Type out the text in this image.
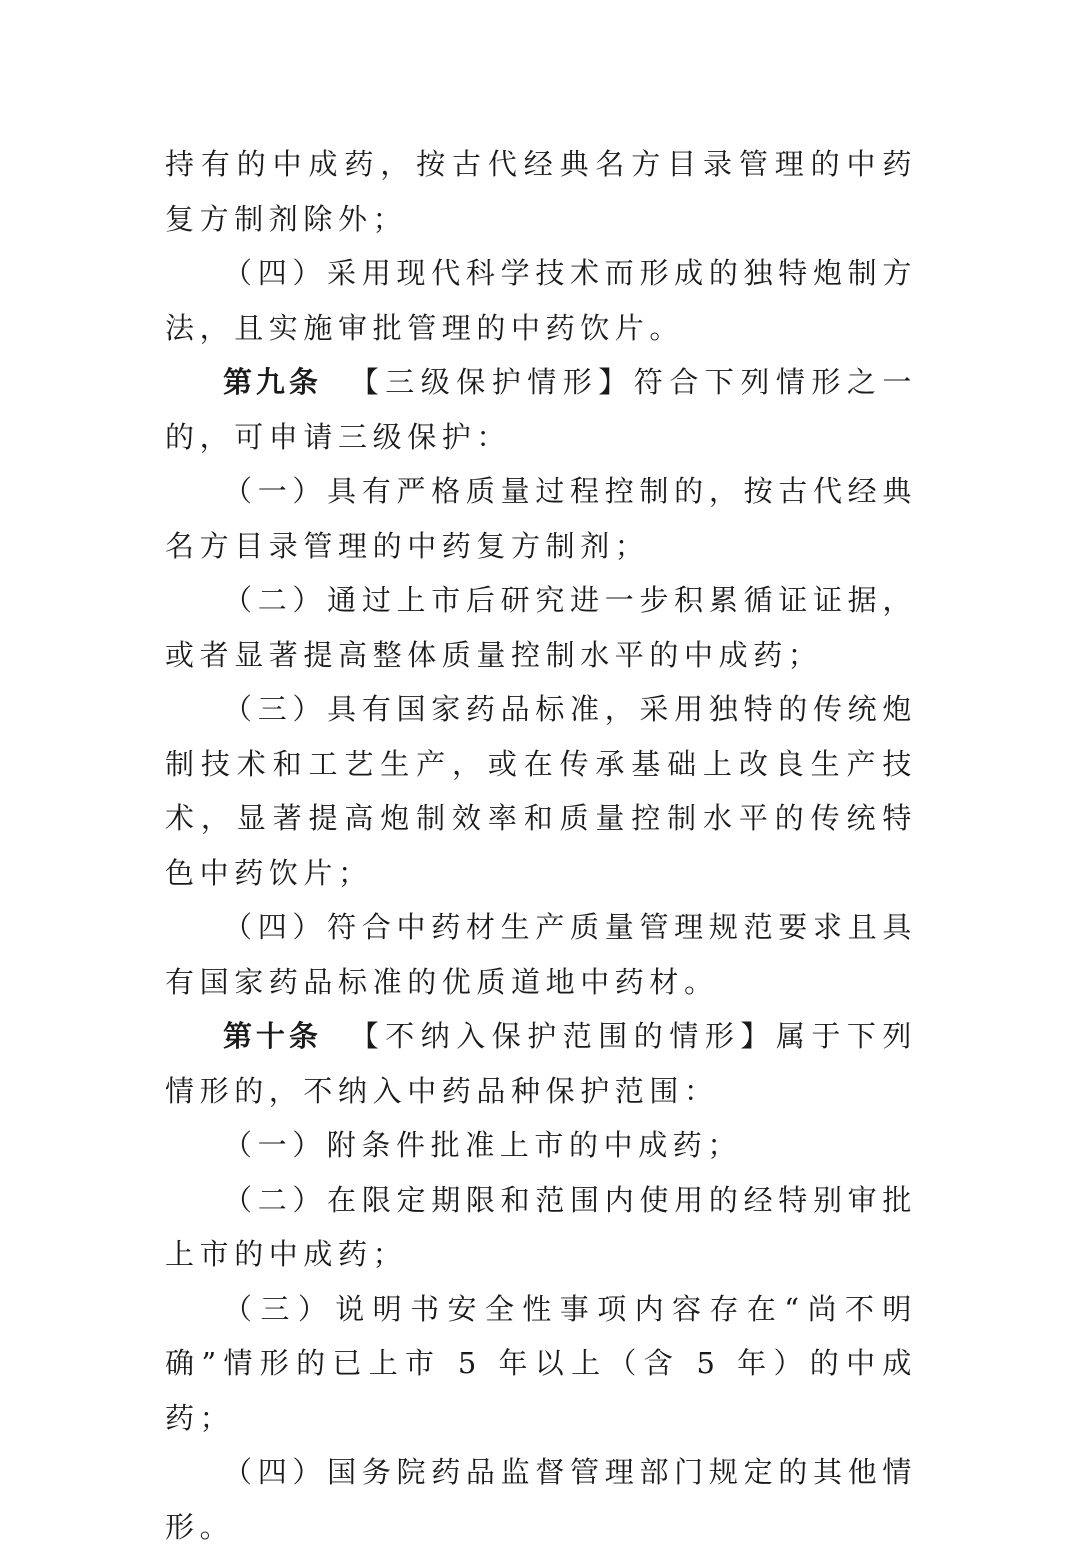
持有的中成药，按古代经典名方目录管理的中药复方制剂除外；

（四）采用现代科学技术而形成的独特炮制方法，且实施审批管理的中药饮片。

第九条 【三级保护情形】符合下列情形之一的，可申请三级保护：

（一）具有严格质量过程控制的，按古代经典名方目录管理的中药复方制剂；

（二）通过上市后研究进一步积累循证证据，或者显著提高整体质量控制水平的中成药；

（三）具有国家药品标准，采用独特的传统炮制技术和工艺生产，或在传承基础上改良生产技术，显著提高炮制效率和质量控制水平的传统特色中药饮片；

（四）符合中药材生产质量管理规范要求且具有国家药品标准的优质道地中药材。

第十条 【不纳入保护范围的情形】属于下列情形的，不纳入中药品种保护范围：

（一）附条件批准上市的中成药；

（二）在限定期限和范围内使用的经特别审批上市的中成药；

（三）说明书安全性事项内容存在“尚不明确”情形的已上市 5 年以上（含 5 年）的中成药；

（四）国务院药品监督管理部门规定的其他情形。
